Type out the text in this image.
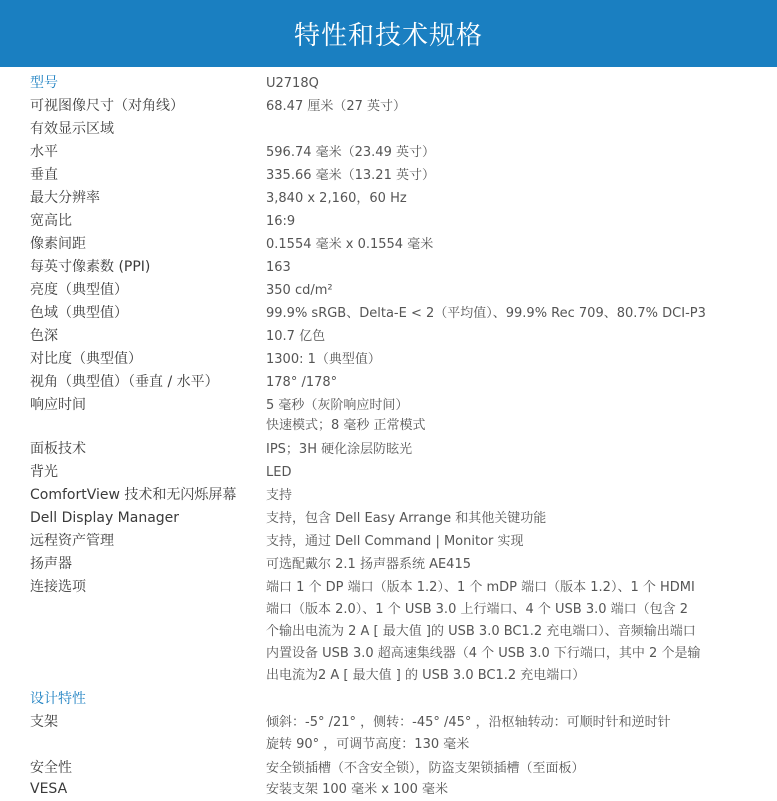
特性和技术规格
型号	U2718Q
可视图像尺寸（对角线）	68.47 厘米（27 英寸）
有效显示区域
水平	596.74 毫米（23.49 英寸）
垂直	335.66 毫米（13.21 英寸）
最大分辨率	3,840 x 2,160，60 Hz
宽高比	16:9
像素间距	0.1554 毫米 x 0.1554 毫米
每英寸像素数 (PPI)	163
亮度（典型值）	350 cd/m²
色域（典型值）	99.9% sRGB、Delta-E < 2（平均值）、99.9% Rec 709、80.7% DCI-P3
色深	10.7 亿色
对比度（典型值）	1300: 1（典型值）
视角（典型值）（垂直 / 水平）	178° /178°
响应时间	5 毫秒（灰阶响应时间）
快速模式；8 毫秒 正常模式
面板技术	IPS；3H 硬化涂层防眩光
背光	LED
ComfortView 技术和无闪烁屏幕 支持
Dell Display Manager	支持，包含 Dell Easy Arrange 和其他关键功能
远程资产管理	支持，通过 Dell Command | Monitor 实现
扬声器	可选配戴尔 2.1 扬声器系统 AE415
连接选项	端口 1 个 DP 端口（版本 1.2）、1 个 mDP 端口（版本 1.2）、1 个 HDMI
端口（版本 2.0）、1 个 USB 3.0 上行端口、4 个 USB 3.0 端口（包含 2
个输出电流为 2 A [ 最大值 ]的 USB 3.0 BC1.2 充电端口）、音频输出端口
内置设备 USB 3.0 超高速集线器（4 个 USB 3.0 下行端口，其中 2 个是输
出电流为2 A [ 最大值 ] 的 USB 3.0 BC1.2 充电端口）
设计特性
支架	倾斜：-5° /21° ，侧转：-45° /45° ，沿枢轴转动：可顺时针和逆时针
旋转 90° ，可调节高度：130 毫米
安全性	安全锁插槽（不含安全锁），防盗支架锁插槽（至面板）
VESA	安装支架 100 毫米 x 100 毫米
